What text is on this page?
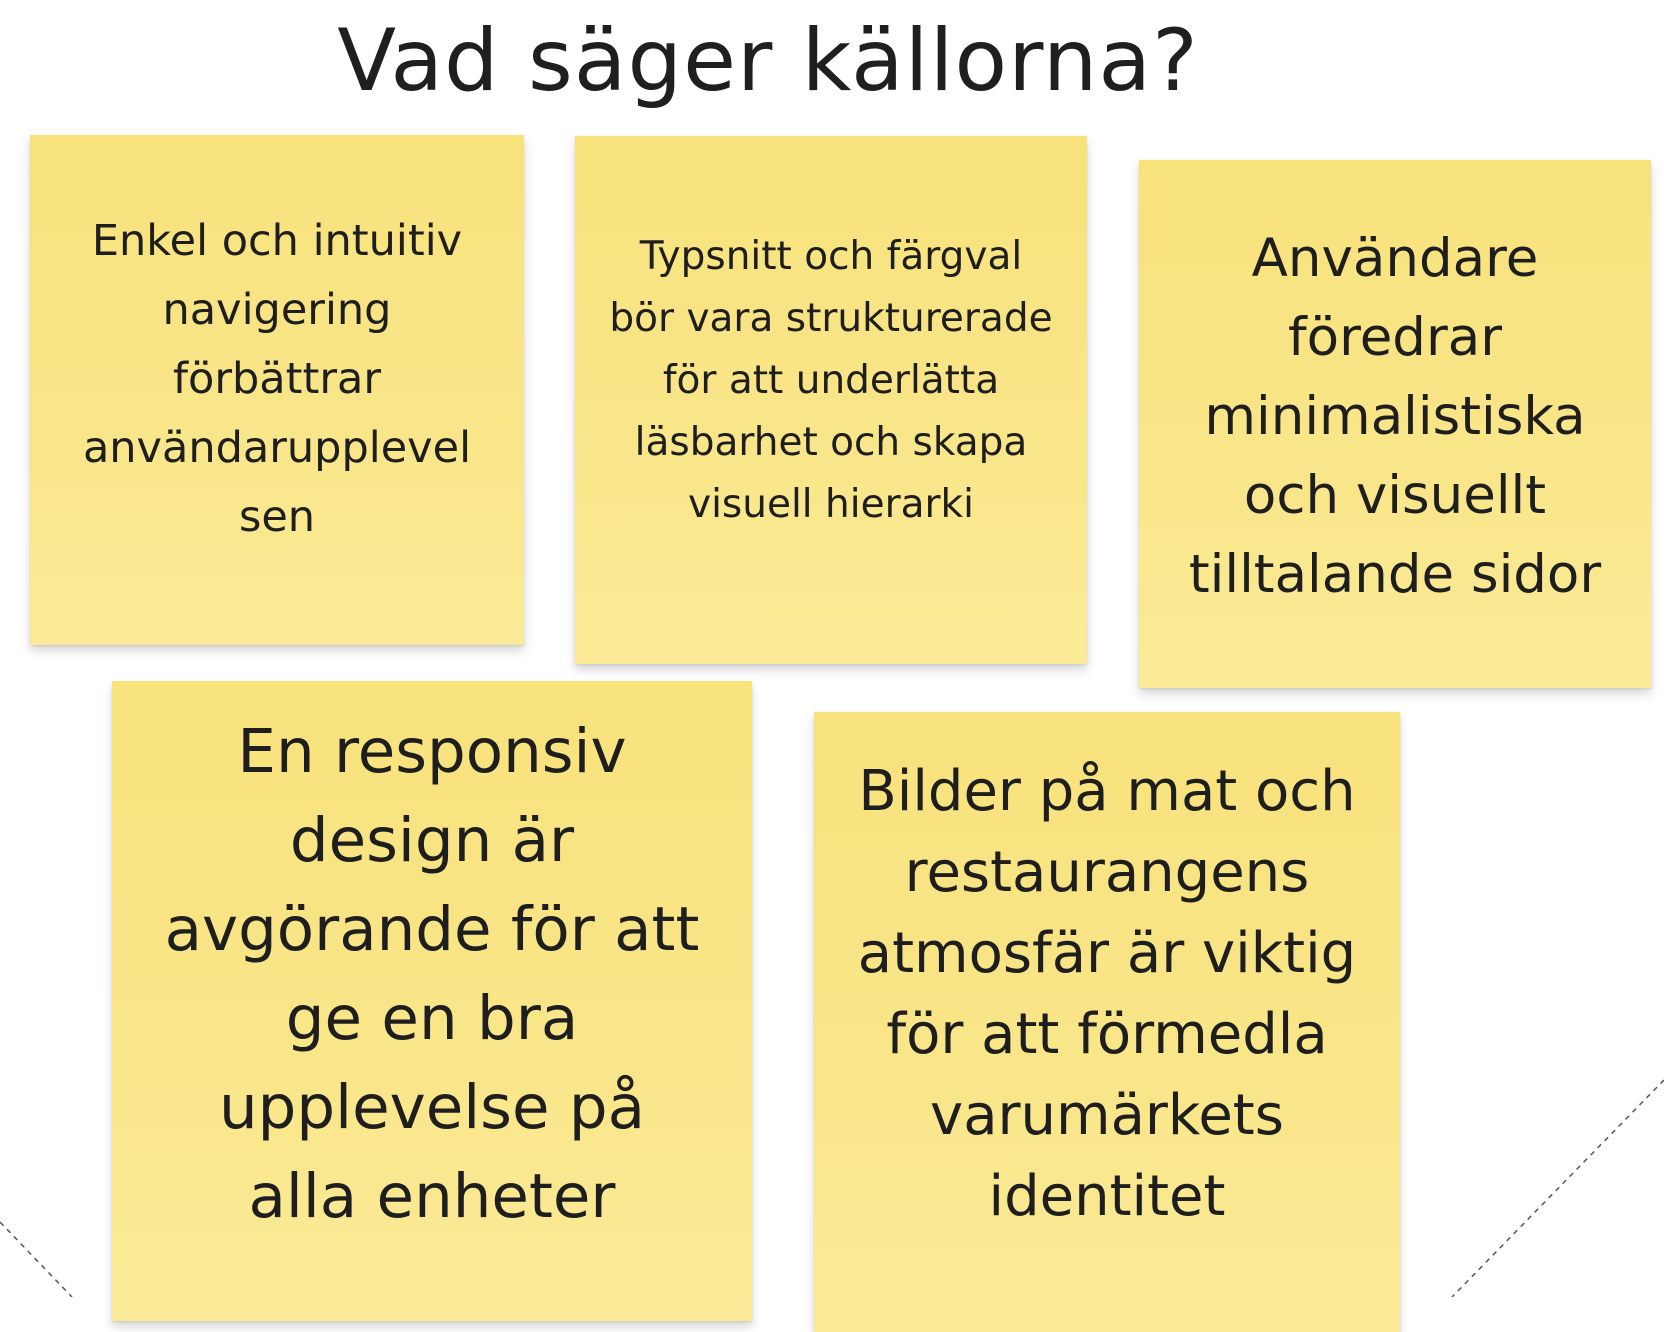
Vad säger källorna?
Enkel och intuitiv navigering förbättrar användarupplevel sen
Typsnitt och färgval bör vara strukturerade för att underlätta läsbarhet och skapa visuell hierarki
Användare föredrar minimalistiska och visuellt tilltalande sidor
En responsiv design är avgörande för att ge en bra upplevelse på alla enheter
Bilder på mat och restaurangens atmosfär är viktig för att förmedla varumärkets identitet
